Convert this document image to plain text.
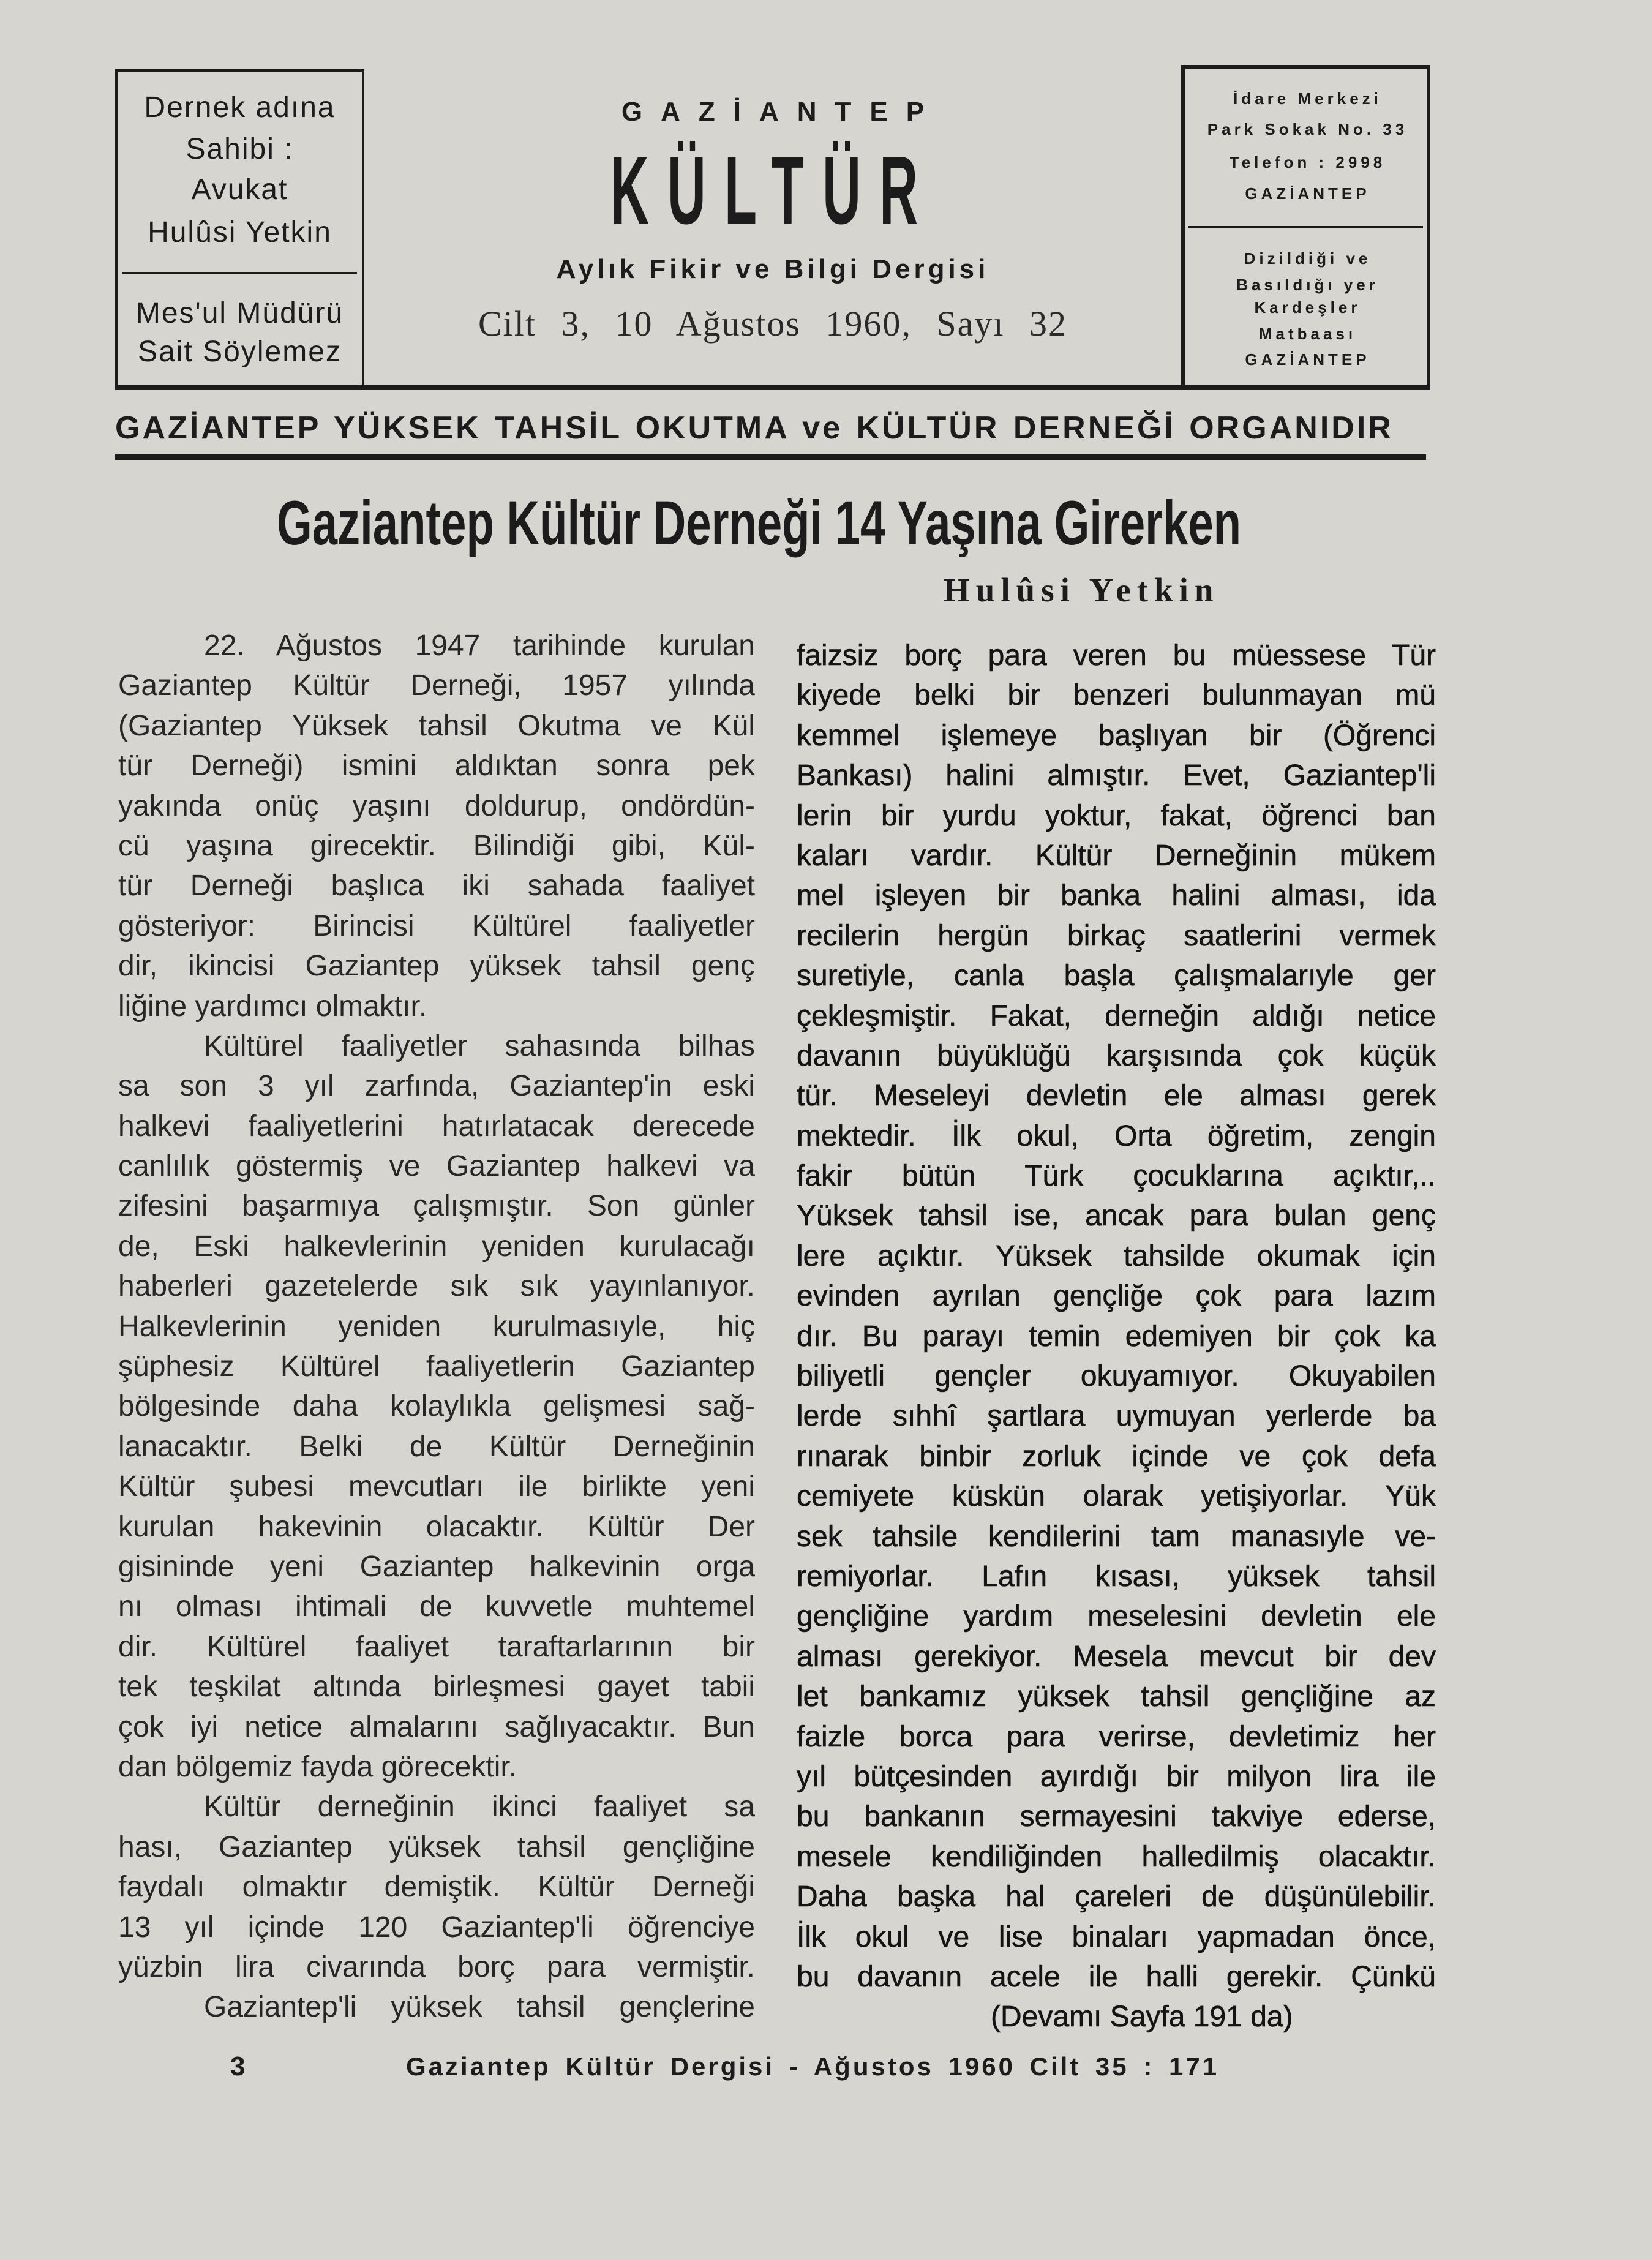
Dernek adına
Sahibi :
Avukat
Hulûsi Yetkin
Mes'ul Müdürü
Sait Söylemez
GAZİANTEP
KÜLTÜR
Aylık Fikir ve Bilgi Dergisi
Cilt 3, 10 Ağustos 1960, Sayı 32
İdare Merkezi
Park Sokak No. 33
Telefon : 2998
GAZİANTEP
Dizildiği ve
Basıldığı yer
Kardeşler
Matbaası
GAZİANTEP
GAZİANTEP YÜKSEK TAHSİL OKUTMA ve KÜLTÜR DERNEĞİ ORGANIDIR
Gaziantep Kültür Derneği 14 Yaşına Girerken
Hulûsi Yetkin
22. Ağustos 1947 tarihinde kurulan
Gaziantep Kültür Derneği, 1957 yılında
(Gaziantep Yüksek tahsil Okutma ve Kül
tür Derneği) ismini aldıktan sonra pek
yakında onüç yaşını doldurup, ondördün-
cü yaşına girecektir. Bilindiği gibi, Kül-
tür Derneği başlıca iki sahada faaliyet
gösteriyor: Birincisi Kültürel faaliyetler
dir, ikincisi Gaziantep yüksek tahsil genç
liğine yardımcı olmaktır.
Kültürel faaliyetler sahasında bilhas
sa son 3 yıl zarfında, Gaziantep'in eski
halkevi faaliyetlerini hatırlatacak derecede
canlılık göstermiş ve Gaziantep halkevi va
zifesini başarmıya çalışmıştır. Son günler
de, Eski halkevlerinin yeniden kurulacağı
haberleri gazetelerde sık sık yayınlanıyor.
Halkevlerinin yeniden kurulmasıyle, hiç
şüphesiz Kültürel faaliyetlerin Gaziantep
bölgesinde daha kolaylıkla gelişmesi sağ-
lanacaktır. Belki de Kültür Derneğinin
Kültür şubesi mevcutları ile birlikte yeni
kurulan hakevinin olacaktır. Kültür Der
gisininde yeni Gaziantep halkevinin orga
nı olması ihtimali de kuvvetle muhtemel
dir. Kültürel faaliyet taraftarlarının bir
tek teşkilat altında birleşmesi gayet tabii
çok iyi netice almalarını sağlıyacaktır. Bun
dan bölgemiz fayda görecektir.
Kültür derneğinin ikinci faaliyet sa
hası, Gaziantep yüksek tahsil gençliğine
faydalı olmaktır demiştik. Kültür Derneği
13 yıl içinde 120 Gaziantep'li öğrenciye
yüzbin lira civarında borç para vermiştir.
Gaziantep'li yüksek tahsil gençlerine
faizsiz borç para veren bu müessese Tür
kiyede belki bir benzeri bulunmayan mü
kemmel işlemeye başlıyan bir (Öğrenci
Bankası) halini almıştır. Evet, Gaziantep'li
lerin bir yurdu yoktur, fakat, öğrenci ban
kaları vardır. Kültür Derneğinin mükem
mel işleyen bir banka halini alması, ida
recilerin hergün birkaç saatlerini vermek
suretiyle, canla başla çalışmalarıyle ger
çekleşmiştir. Fakat, derneğin aldığı netice
davanın büyüklüğü karşısında çok küçük
tür. Meseleyi devletin ele alması gerek
mektedir. İlk okul, Orta öğretim, zengin
fakir bütün Türk çocuklarına açıktır,..
Yüksek tahsil ise, ancak para bulan genç
lere açıktır. Yüksek tahsilde okumak için
evinden ayrılan gençliğe çok para lazım
dır. Bu parayı temin edemiyen bir çok ka
biliyetli gençler okuyamıyor. Okuyabilen
lerde sıhhî şartlara uymuyan yerlerde ba
rınarak binbir zorluk içinde ve çok defa
cemiyete küskün olarak yetişiyorlar. Yük
sek tahsile kendilerini tam manasıyle ve-
remiyorlar. Lafın kısası, yüksek tahsil
gençliğine yardım meselesini devletin ele
alması gerekiyor. Mesela mevcut bir dev
let bankamız yüksek tahsil gençliğine az
faizle borca para verirse, devletimiz her
yıl bütçesinden ayırdığı bir milyon lira ile
bu bankanın sermayesini takviye ederse,
mesele kendiliğinden halledilmiş olacaktır.
Daha başka hal çareleri de düşünülebilir.
İlk okul ve lise binaları yapmadan önce,
bu davanın acele ile halli gerekir. Çünkü
(Devamı Sayfa 191 da)
3	Gaziantep Kültür Dergisi - Ağustos 1960 Cilt 35 : 171
